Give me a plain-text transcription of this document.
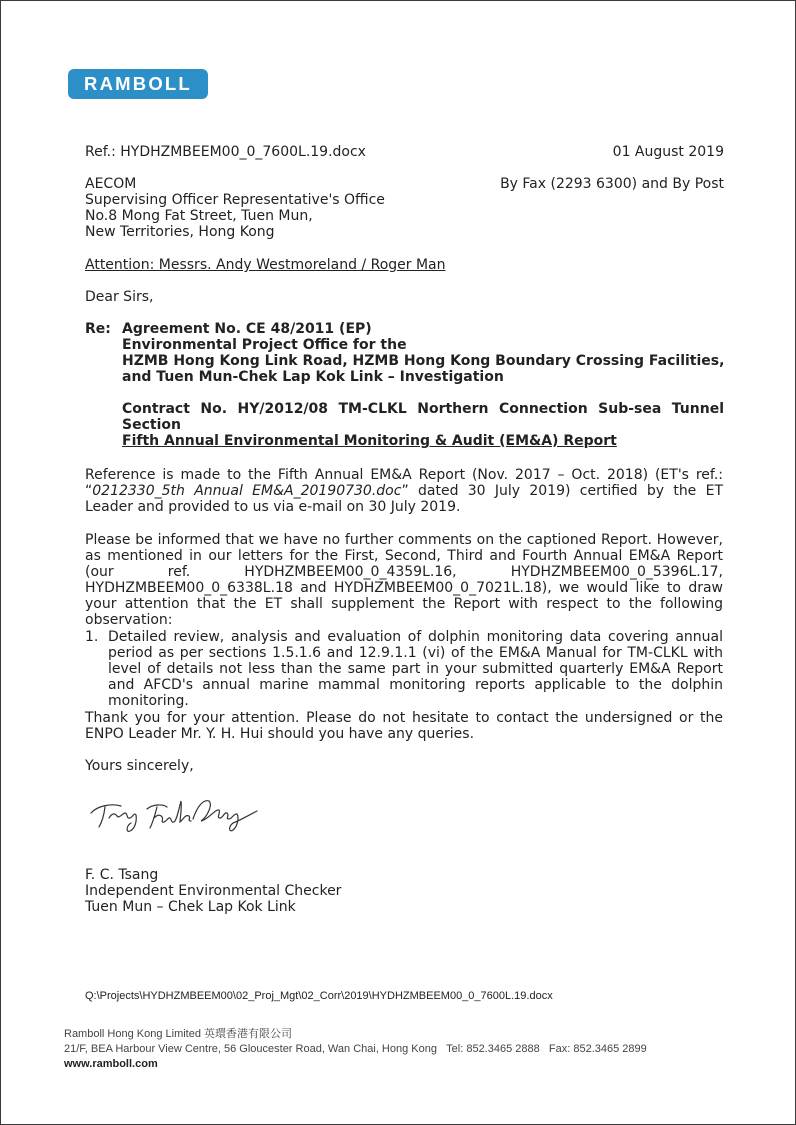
RAMBOLL
Ref.: HYDHZMBEEM00_0_7600L.19.docx	01 August 2019
AECOM
Supervising Officer Representative's Office
No.8 Mong Fat Street, Tuen Mun,
New Territories, Hong Kong
By Fax (2293 6300) and By Post
Attention: Messrs. Andy Westmoreland / Roger Man
Dear Sirs,
Re: Agreement No. CE 48/2011 (EP)
Environmental Project Office for the
HZMB Hong Kong Link Road, HZMB Hong Kong Boundary Crossing Facilities,
and Tuen Mun-Chek Lap Kok Link – Investigation
Contract No. HY/2012/08 TM-CLKL Northern Connection Sub-sea Tunnel Section
Fifth Annual Environmental Monitoring & Audit (EM&A) Report

Reference is made to the Fifth Annual EM&A Report (Nov. 2017 – Oct. 2018) (ET's ref.: “0212330_5th Annual EM&A_20190730.doc” dated 30 July 2019) certified by the ET Leader and provided to us via e-mail on 30 July 2019.

Please be informed that we have no further comments on the captioned Report. However, as mentioned in our letters for the First, Second, Third and Fourth Annual EM&A Report (our ref. HYDHZMBEEM00_0_4359L.16, HYDHZMBEEM00_0_5396L.17, HYDHZMBEEM00_0_6338L.18 and HYDHZMBEEM00_0_7021L.18), we would like to draw your attention that the ET shall supplement the Report with respect to the following observation:

1. Detailed review, analysis and evaluation of dolphin monitoring data covering annual period as per sections 1.5.1.6 and 12.9.1.1 (vi) of the EM&A Manual for TM-CLKL with level of details not less than the same part in your submitted quarterly EM&A Report and AFCD's annual marine mammal monitoring reports applicable to the dolphin monitoring.

Thank you for your attention. Please do not hesitate to contact the undersigned or the ENPO Leader Mr. Y. H. Hui should you have any queries.

Yours sincerely,
F. C. Tsang
Independent Environmental Checker
Tuen Mun – Chek Lap Kok Link
Q:\Projects\HYDHZMBEEM00\02_Proj_Mgt\02_Corr\2019\HYDHZMBEEM00_0_7600L.19.docx
Ramboll Hong Kong Limited 英環香港有限公司
21/F, BEA Harbour View Centre, 56 Gloucester Road, Wan Chai, Hong Kong Tel: 852.3465 2888 Fax: 852.3465 2899
www.ramboll.com
